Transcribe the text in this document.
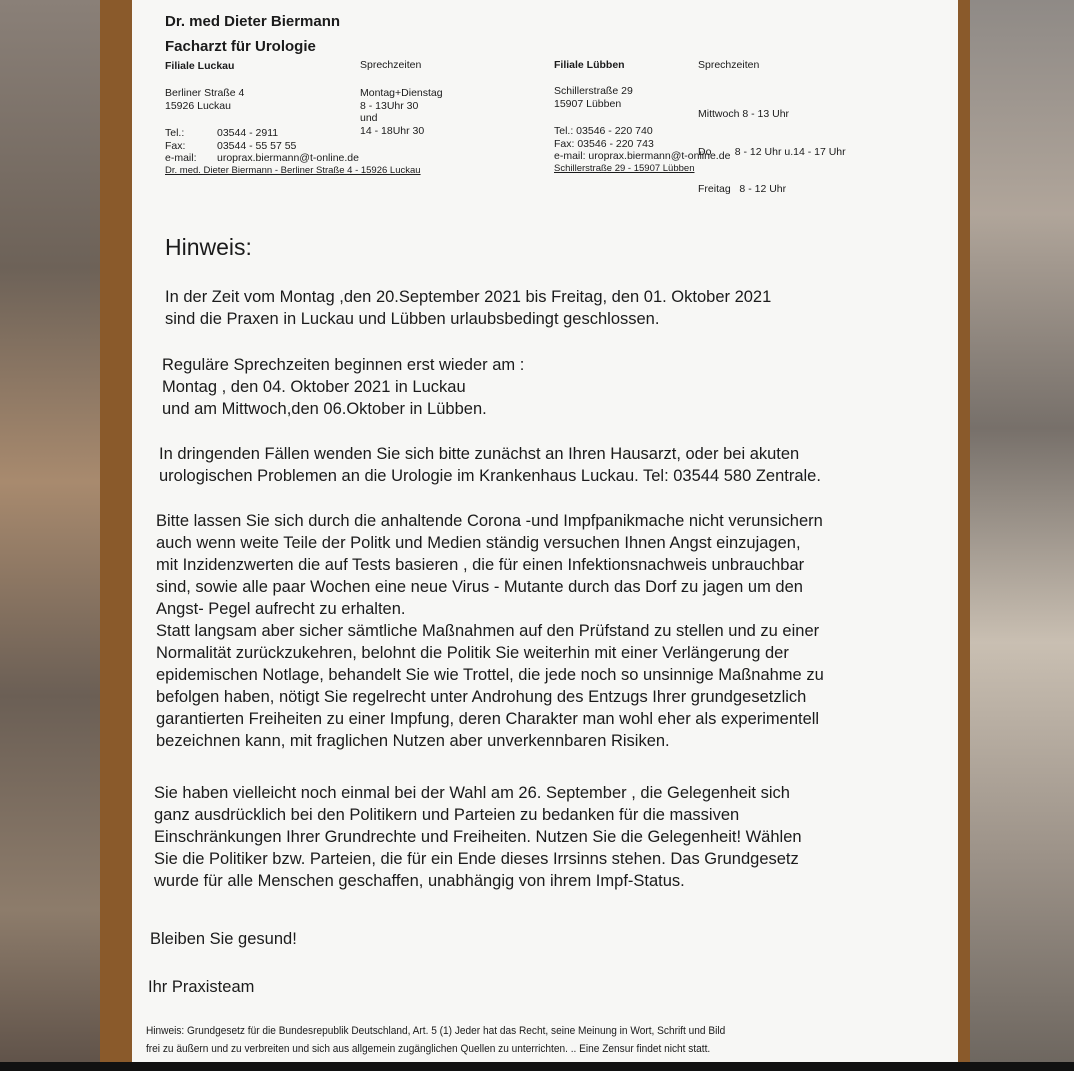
Dr. med Dieter Biermann
Facharzt für Urologie
Filiale Luckau
Berliner Straße 4
15926 Luckau
Tel.:	03544 - 2911
Fax:	03544 - 55 57 55
e-mail:	uroprax.biermann@t-online.de
Dr. med. Dieter Biermann - Berliner Straße 4 - 15926 Luckau
Sprechzeiten
Montag+Dienstag
8 - 13Uhr 30
und
14 - 18Uhr 30
Filiale Lübben
Schillerstraße 29
15907 Lübben
Tel.: 03546 - 220 740
Fax: 03546 - 220 743
e-mail: uroprax.biermann@t-online.de
Schillerstraße 29 - 15907 Lübben
Sprechzeiten

Mittwoch 8 - 13 Uhr

Do        8 - 12 Uhr u.14 - 17 Uhr

Freitag   8 - 12 Uhr

Hinweis:
In der Zeit vom Montag ,den 20.September 2021 bis Freitag, den 01. Oktober 2021
sind die Praxen in Luckau und Lübben urlaubsbedingt geschlossen.
Reguläre Sprechzeiten beginnen erst wieder am :
Montag , den 04. Oktober 2021 in Luckau
und am Mittwoch,den 06.Oktober in Lübben.
In dringenden Fällen wenden Sie sich bitte zunächst an Ihren Hausarzt, oder bei akuten
urologischen Problemen an die Urologie im Krankenhaus Luckau. Tel: 03544 580 Zentrale.
Bitte lassen Sie sich durch die anhaltende Corona -und Impfpanikmache nicht verunsichern
auch wenn weite Teile der Politk und Medien ständig versuchen Ihnen Angst einzujagen,
mit Inzidenzwerten die auf Tests basieren , die für einen Infektionsnachweis unbrauchbar
sind, sowie alle paar Wochen eine neue Virus - Mutante durch das Dorf zu jagen um den
Angst- Pegel aufrecht zu erhalten.
Statt langsam aber sicher sämtliche Maßnahmen auf den Prüfstand zu stellen und zu einer
Normalität zurückzukehren, belohnt die Politik Sie weiterhin mit einer Verlängerung der
epidemischen Notlage, behandelt Sie wie Trottel, die jede noch so unsinnige Maßnahme zu
befolgen haben, nötigt Sie regelrecht unter Androhung des Entzugs Ihrer grundgesetzlich
garantierten Freiheiten zu einer Impfung, deren Charakter man wohl eher als experimentell
bezeichnen kann, mit fraglichen Nutzen aber unverkennbaren Risiken.
Sie haben vielleicht noch einmal bei der Wahl am 26. September , die Gelegenheit sich
ganz ausdrücklich bei den Politikern und Parteien zu bedanken für die massiven
Einschränkungen Ihrer Grundrechte und Freiheiten. Nutzen Sie die Gelegenheit! Wählen
Sie die Politiker bzw. Parteien, die für ein Ende dieses Irrsinns stehen. Das Grundgesetz
wurde für alle Menschen geschaffen, unabhängig von ihrem Impf-Status.
Bleiben Sie gesund!
Ihr Praxisteam
Hinweis: Grundgesetz für die Bundesrepublik Deutschland, Art. 5 (1) Jeder hat das Recht, seine Meinung in Wort, Schrift und Bild
frei zu äußern und zu verbreiten und sich aus allgemein zugänglichen Quellen zu unterrichten. .. Eine Zensur findet nicht statt.
